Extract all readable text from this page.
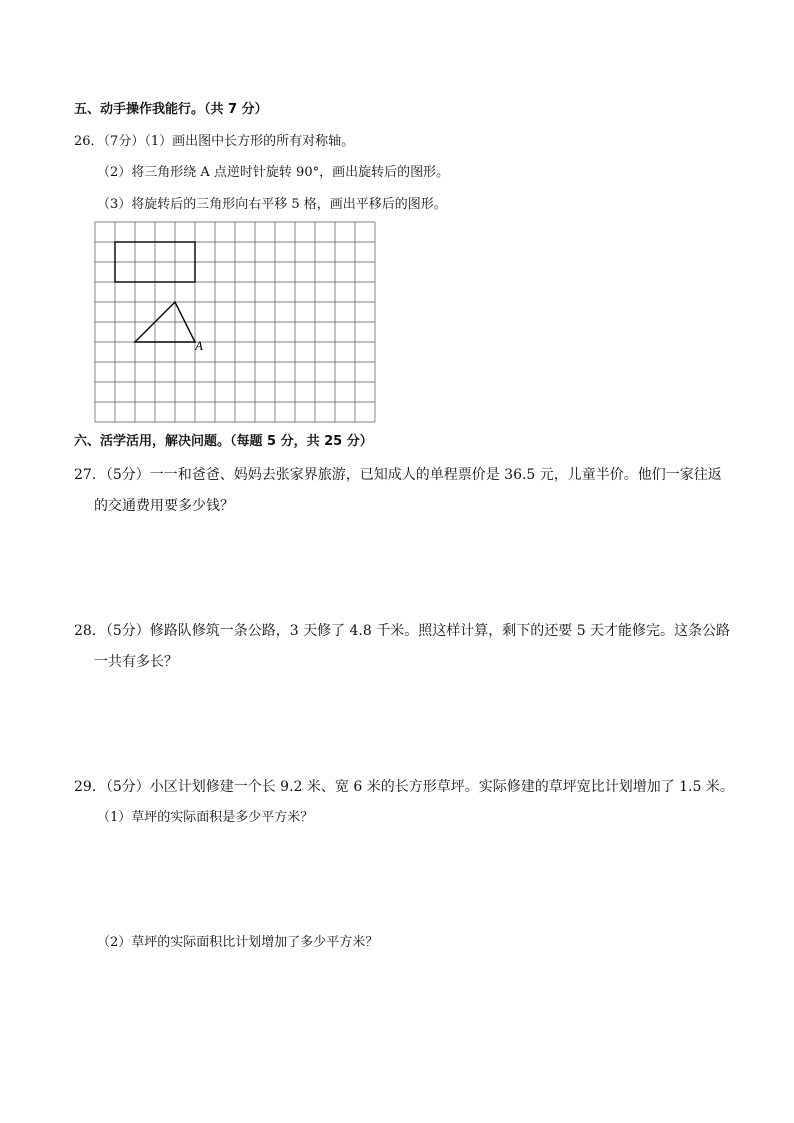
五、动手操作我能行。（共 7 分）
26．（7分）（1）画出图中长方形的所有对称轴。
（2）将三角形绕 A 点逆时针旋转 90°，画出旋转后的图形。
（3）将旋转后的三角形向右平移 5 格，画出平移后的图形。
A
六、活学活用，解决问题。（每题 5 分，共 25 分）
27．（5分）一一和爸爸、妈妈去张家界旅游，已知成人的单程票价是 36.5 元，儿童半价。他们一家往返
的交通费用要多少钱？
28．（5分）修路队修筑一条公路，3 天修了 4.8 千米。照这样计算，剩下的还要 5 天才能修完。这条公路
一共有多长？
29．（5分）小区计划修建一个长 9.2 米、宽 6 米的长方形草坪。实际修建的草坪宽比计划增加了 1.5 米。
（1）草坪的实际面积是多少平方米？
（2）草坪的实际面积比计划增加了多少平方米？
